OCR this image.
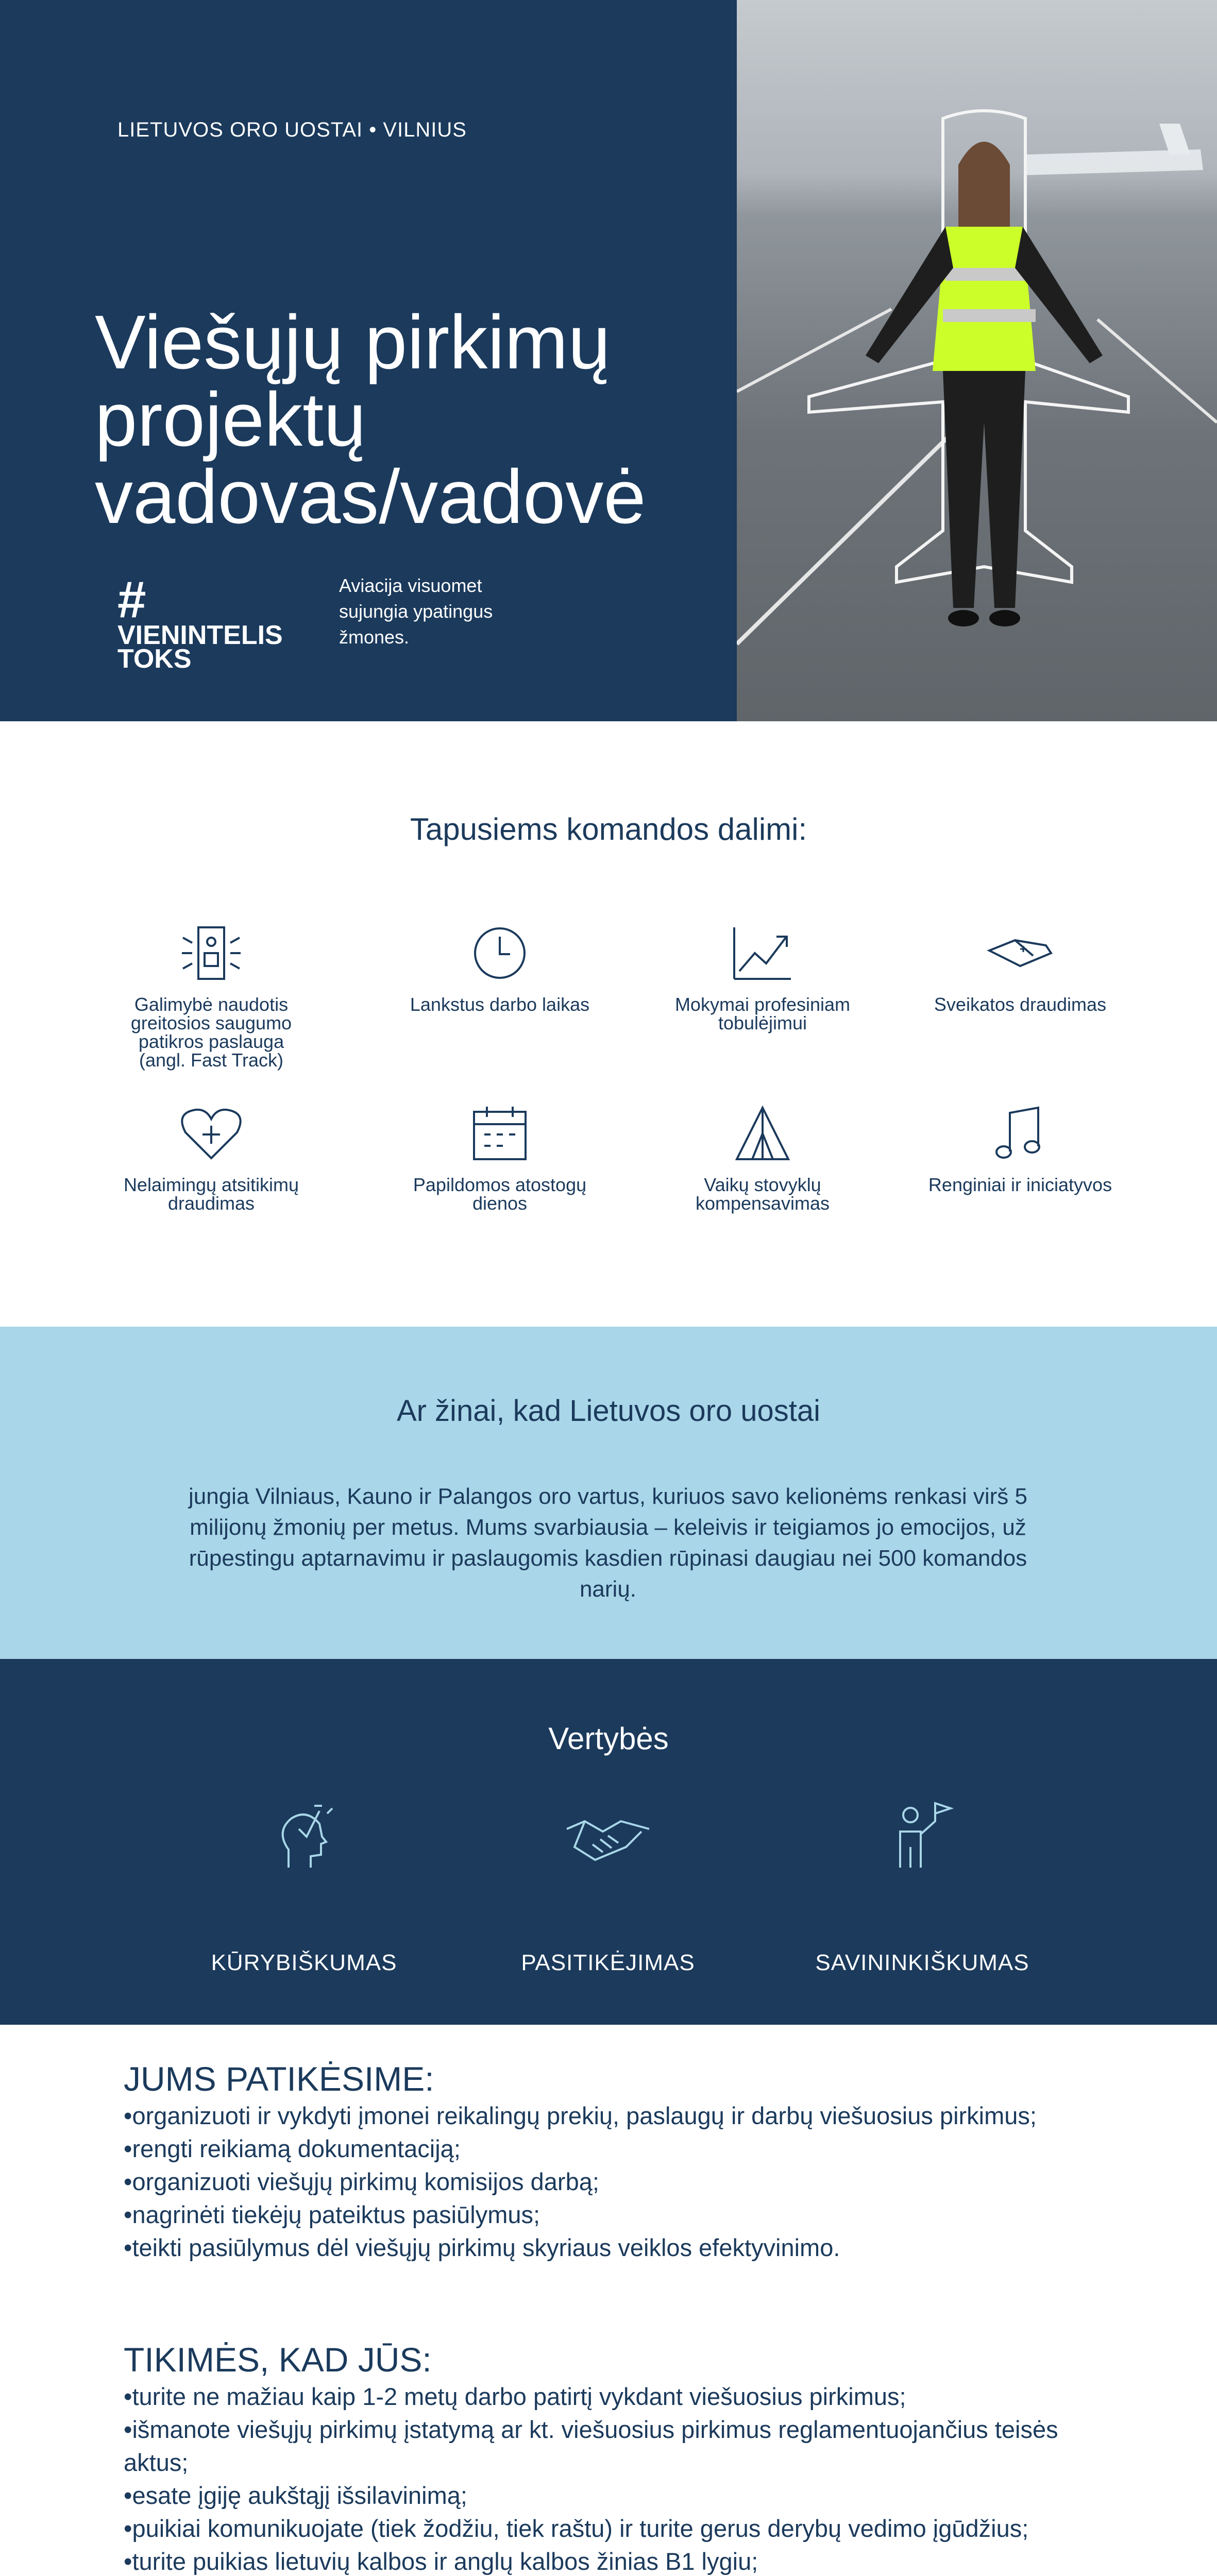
LIETUVOS ORO UOSTAI • VILNIUS
Viešųjų pirkimų projektų vadovas/vadovė
#
VIENINTELIS
TOKS
Aviacija visuomet sujungia ypatingus žmones.
Tapusiems komandos dalimi:
Galimybė naudotis greitosios saugumo patikros paslauga (angl. Fast Track)
Lankstus darbo laikas	Mokymai profesiniam tobulėjimui
Sveikatos draudimas
Nelaimingų atsitikimų draudimas
Papildomos atostogų dienos
Vaikų stovyklų kompensavimas
Renginiai ir iniciatyvos
Ar žinai, kad Lietuvos oro uostai
jungia Vilniaus, Kauno ir Palangos oro vartus, kuriuos savo kelionėms renkasi virš 5 milijonų žmonių per metus. Mums svarbiausia – keleivis ir teigiamos jo emocijos, už rūpestingu aptarnavimu ir paslaugomis kasdien rūpinasi daugiau nei 500 komandos narių.
Vertybės
KŪRYBIŠKUMAS	PASITIKĖJIMAS	SAVININKIŠKUMAS
JUMS PATIKĖSIME:
• organizuoti ir vykdyti įmonei reikalingų prekių, paslaugų ir darbų viešuosius pirkimus;
• rengti reikiamą dokumentaciją;
• organizuoti viešųjų pirkimų komisijos darbą;
• nagrinėti tiekėjų pateiktus pasiūlymus;
• teikti pasiūlymus dėl viešųjų pirkimų skyriaus veiklos efektyvinimo.
TIKIMĖS, KAD JŪS:
• turite ne mažiau kaip 1-2 metų darbo patirtį vykdant viešuosius pirkimus;
• išmanote viešųjų pirkimų įstatymą ar kt. viešuosius pirkimus reglamentuojančius teisės aktus;
• esate įgiję aukštąjį išsilavinimą;
• puikiai komunikuojate (tiek žodžiu, tiek raštu) ir turite gerus derybų vedimo įgūdžius;
• turite puikias lietuvių kalbos ir anglų kalbos žinias B1 lygiu;
